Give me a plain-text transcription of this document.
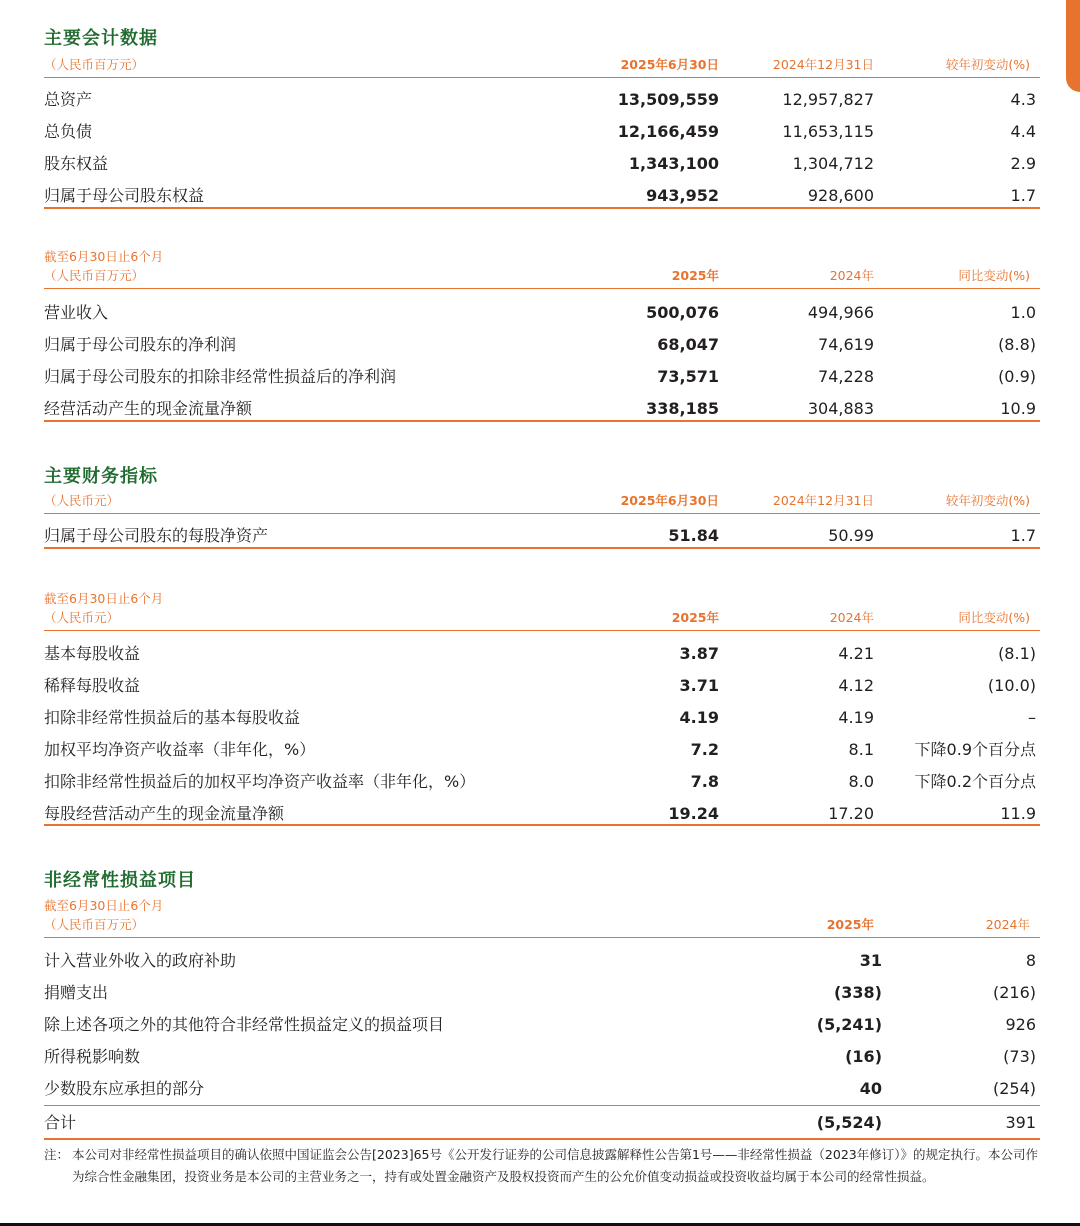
主要会计数据
（人民币百万元）	2025年6月30日	2024年12月31日	较年初变动(%)
总资产	13,509,559	12,957,827	4.3
总负债	12,166,459	11,653,115	4.4
股东权益	1,343,100	1,304,712	2.9
归属于母公司股东权益	943,952	928,600	1.7
截至6月30日止6个月
（人民币百万元）	2025年	2024年	同比变动(%)
营业收入	500,076	494,966	1.0
归属于母公司股东的净利润	68,047	74,619	(8.8)
归属于母公司股东的扣除非经常性损益后的净利润	73,571	74,228	(0.9)
经营活动产生的现金流量净额	338,185	304,883	10.9
主要财务指标
（人民币元）	2025年6月30日	2024年12月31日	较年初变动(%)
归属于母公司股东的每股净资产	51.84	50.99	1.7
截至6月30日止6个月
（人民币元）	2025年	2024年	同比变动(%)
基本每股收益	3.87	4.21	(8.1)
稀释每股收益	3.71	4.12	(10.0)
扣除非经常性损益后的基本每股收益	4.19	4.19	–
加权平均净资产收益率（非年化，%）	7.2	8.1	下降0.9个百分点
扣除非经常性损益后的加权平均净资产收益率（非年化，%）	7.8	8.0	下降0.2个百分点
每股经营活动产生的现金流量净额	19.24	17.20	11.9
非经常性损益项目
截至6月30日止6个月
（人民币百万元）	2025年	2024年
计入营业外收入的政府补助	31	8
捐赠支出	(338)	(216)
除上述各项之外的其他符合非经常性损益定义的损益项目	(5,241)	926
所得税影响数	(16)	(73)
少数股东应承担的部分	40	(254)
合计	(5,524)	391
注： 本公司对非经常性损益项目的确认依照中国证监会公告[2023]65号《公开发行证券的公司信息披露解释性公告第1号——非经常性损益（2023年修订）》的规定执行。本公司作为综合性金融集团，投资业务是本公司的主营业务之一，持有或处置金融资产及股权投资而产生的公允价值变动损益或投资收益均属于本公司的经常性损益。
